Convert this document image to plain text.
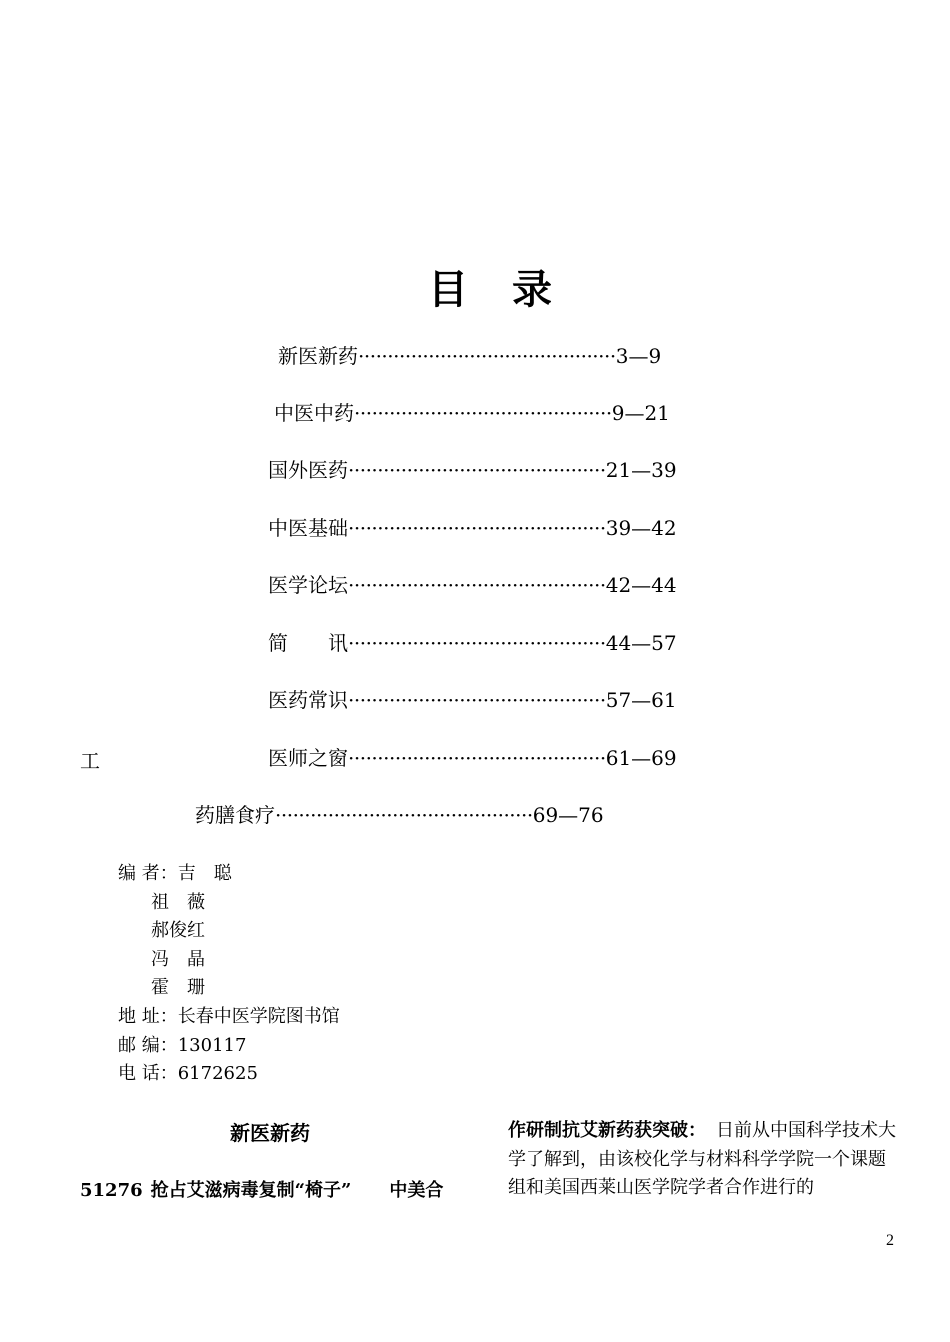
目　录
新医新药············································3—9
中医中药············································9—21
国外医药············································21—39
中医基础············································39—42
医学论坛············································42—44
简　　讯············································44—57
医药常识············································57—61
医师之窗············································61—69
药膳食疗············································69—76
工
编 者：吉　聪
祖　薇
郝俊红
冯　晶
霍　珊
地 址：长春中医学院图书馆
邮 编：130117
电 话：6172625
新医新药
51276 抢占艾滋病毒复制“椅子” 中美合
作研制抗艾新药获突破： 日前从中国科学技术大学了解到，由该校化学与材料科学学院一个课题组和美国西莱山医学院学者合作进行的
2
